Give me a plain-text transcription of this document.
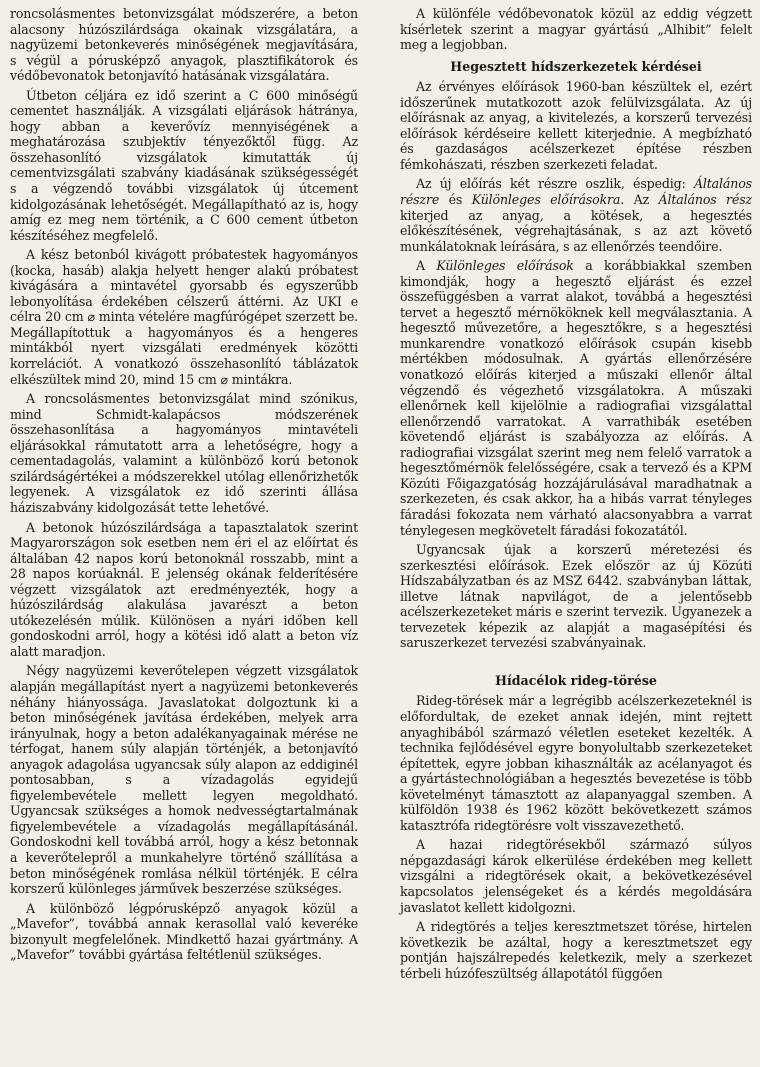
roncsolásmentes betonvizsgálat módszerére, a beton alacsony húzószilárdsága okainak vizsgálatára, a nagyüzemi betonkeverés minőségének megjavítására, s végül a pórusképző anyagok, plasztifikátorok és védőbevonatok betonjavító hatásának vizsgálatára.

Útbeton céljára ez idő szerint a C 600 minőségű cementet használják. A vizsgálati eljárások hátránya, hogy abban a keverővíz mennyiségének a meghatározása szubjektív tényezőktől függ. Az összehasonlító vizsgálatok kimutatták új cementvizsgálati szabvány kiadásának szükségességét s a végzendő további vizsgálatok új útcement kidolgozásának lehetőségét. Megállapítható az is, hogy amíg ez meg nem történik, a C 600 cement útbeton készítéséhez megfelelő.

A kész betonból kivágott próbatestek hagyományos (kocka, hasáb) alakja helyett henger alakú próbatest kivágására a mintavétel gyorsabb és egyszerűbb lebonyolítása érdekében célszerű áttérni. Az UKI e célra 20 cm ⌀ minta vételére magfúrógépet szerzett be. Megállapítottuk a hagyományos és a hengeres mintákból nyert vizsgálati eredmények közötti korrelációt. A vonatkozó összehasonlító táblázatok elkészültek mind 20, mind 15 cm ⌀ mintákra.

A roncsolásmentes betonvizsgálat mind szónikus, mind Schmidt-kalapácsos módszerének összehasonlítása a hagyományos mintavételi eljárásokkal rámutatott arra a lehetőségre, hogy a cementadagolás, valamint a különböző korú betonok szilárdságértékei a módszerekkel utólag ellenőrizhetők legyenek. A vizsgálatok ez idő szerinti állása háziszabvány kidolgozását tette lehetővé.

A betonok húzószilárdsága a tapasztalatok szerint Magyarországon sok esetben nem éri el az előírtat és általában 42 napos korú betonoknál rosszabb, mint a 28 napos korúaknál. E jelenség okának felderítésére végzett vizsgálatok azt eredményezték, hogy a húzószilárdság alakulása javarészt a beton utókezelésén múlik. Különösen a nyári időben kell gondoskodni arról, hogy a kötési idő alatt a beton víz alatt maradjon.

Négy nagyüzemi keverőtelepen végzett vizsgálatok alapján megállapítást nyert a nagyüzemi betonkeverés néhány hiányossága. Javaslatokat dolgoztunk ki a beton minőségének javítása érdekében, melyek arra irányulnak, hogy a beton adalékanyagainak mérése ne térfogat, hanem súly alapján történjék, a betonjavító anyagok adagolása ugyancsak súly alapon az eddiginél pontosabban, s a vízadagolás egyidejű figyelembevétele mellett legyen megoldható. Ugyancsak szükséges a homok nedvességtartalmának figyelembevétele a vízadagolás megállapításánál. Gondoskodni kell továbbá arról, hogy a kész betonnak a keverőtelepről a munkahelyre történő szállítása a beton minőségének romlása nélkül történjék. E célra korszerű különleges járművek beszerzése szükséges.

A különböző légpórusképző anyagok közül a „Mavefor”, továbbá annak kerasollal való keveréke bizonyult megfelelőnek. Mindkettő hazai gyártmány. A „Mavefor” további gyártása feltétlenül szükséges.

A különféle védőbevonatok közül az eddig végzett kísérletek szerint a magyar gyártású „Alhibit” felelt meg a legjobban.

Hegesztett hídszerkezetek kérdései

Az érvényes előírások 1960-ban készültek el, ezért időszerűnek mutatkozott azok felülvizsgálata. Az új előírásnak az anyag, a kivitelezés, a korszerű tervezési előírások kérdéseire kellett kiterjednie. A megbízható és gazdaságos acélszerkezet építése részben fémkohászati, részben szerkezeti feladat.

Az új előírás két részre oszlik, éspedig: Általános részre és Különleges előírásokra. Az Általános rész kiterjed az anyag, a kötések, a hegesztés előkészítésének, végrehajtásának, s az azt követő munkálatoknak leírására, s az ellenőrzés teendőire.

A Különleges előírások a korábbiakkal szemben kimondják, hogy a hegesztő eljárást és ezzel összefüggésben a varrat alakot, továbbá a hegesztési tervet a hegesztő mérnököknek kell megválasztania. A hegesztő művezetőre, a hegesztőkre, s a hegesztési munkarendre vonatkozó előírások csupán kisebb mértékben módosulnak. A gyártás ellenőrzésére vonatkozó előírás kiterjed a műszaki ellenőr által végzendő és végezhető vizsgálatokra. A műszaki ellenőrnek kell kijelölnie a radiografiai vizsgálattal ellenőrzendő varratokat. A varrathibák esetében követendő eljárást is szabályozza az előírás. A radiografiai vizsgálat szerint meg nem felelő varratok a hegesztőmérnök felelősségére, csak a tervező és a KPM Közúti Főigazgatóság hozzájárulásával maradhatnak a szerkezeten, és csak akkor, ha a hibás varrat tényleges fáradási fokozata nem várható alacsonyabbra a varrat ténylegesen megkövetelt fáradási fokozatától.

Ugyancsak újak a korszerű méretezési és szerkesztési előírások. Ezek először az új Közúti Hídszabályzatban és az MSZ 6442. szabványban láttak, illetve látnak napvilágot, de a jelentősebb acélszerkezeteket máris e szerint tervezik. Ugyanezek a tervezetek képezik az alapját a magasépítési és saruszerkezet tervezési szabványainak.

Hídacélok rideg-törése

Rideg-törések már a legrégibb acélszerkezeteknél is előfordultak, de ezeket annak idején, mint rejtett anyaghibából származó véletlen eseteket kezelték. A technika fejlődésével egyre bonyolultabb szerkezeteket építettek, egyre jobban kihasználták az acélanyagot és a gyártástechnológiában a hegesztés bevezetése is több követelményt támasztott az alapanyaggal szemben. A külföldön 1938 és 1962 között bekövetkezett számos katasztrófa ridegtörésre volt visszavezethető.

A hazai ridegtörésekből származó súlyos népgazdasági károk elkerülése érdekében meg kellett vizsgálni a ridegtörések okait, a bekövetkezésével kapcsolatos jelenségeket és a kérdés megoldására javaslatot kellett kidolgozni.

A ridegtörés a teljes keresztmetszet törése, hirtelen következik be azáltal, hogy a keresztmetszet egy pontján hajszálrepedés keletkezik, mely a szerkezet térbeli húzófeszültség állapotától függően
